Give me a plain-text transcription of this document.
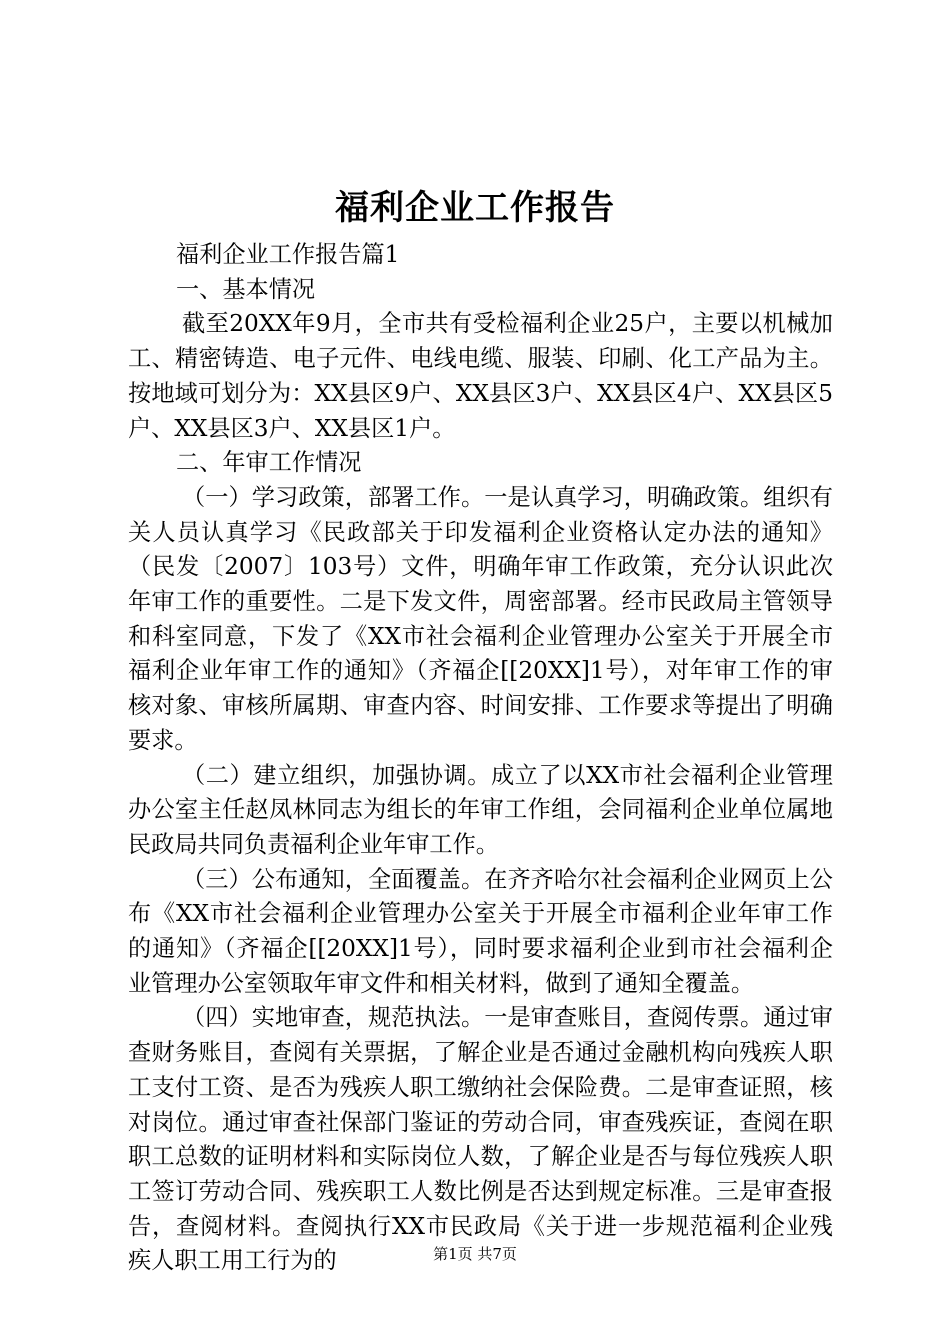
福利企业工作报告

福利企业工作报告篇1

一、基本情况

截至20XX年9月，全市共有受检福利企业25户，主要以机械加工、精密铸造、电子元件、电线电缆、服装、印刷、化工产品为主。按地域可划分为：XX县区9户、XX县区3户、XX县区4户、XX县区5户、XX县区3户、XX县区1户。

二、年审工作情况

（一）学习政策，部署工作。一是认真学习，明确政策。组织有关人员认真学习《民政部关于印发福利企业资格认定办法的通知》（民发〔2007〕103号）文件，明确年审工作政策，充分认识此次年审工作的重要性。二是下发文件，周密部署。经市民政局主管领导和科室同意，下发了《XX市社会福利企业管理办公室关于开展全市福利企业年审工作的通知》（齐福企[[20XX]1号），对年审工作的审核对象、审核所属期、审查内容、时间安排、工作要求等提出了明确要求。

（二）建立组织，加强协调。成立了以XX市社会福利企业管理办公室主任赵凤林同志为组长的年审工作组，会同福利企业单位属地民政局共同负责福利企业年审工作。

（三）公布通知，全面覆盖。在齐齐哈尔社会福利企业网页上公布《XX市社会福利企业管理办公室关于开展全市福利企业年审工作的通知》（齐福企[[20XX]1号），同时要求福利企业到市社会福利企业管理办公室领取年审文件和相关材料，做到了通知全覆盖。

（四）实地审查，规范执法。一是审查账目，查阅传票。通过审查财务账目，查阅有关票据，了解企业是否通过金融机构向残疾人职工支付工资、是否为残疾人职工缴纳社会保险费。二是审查证照，核对岗位。通过审查社保部门鉴证的劳动合同，审查残疾证，查阅在职职工总数的证明材料和实际岗位人数，了解企业是否与每位残疾人职工签订劳动合同、残疾职工人数比例是否达到规定标准。三是审查报告，查阅材料。查阅执行XX市民政局《关于进一步规范福利企业残疾人职工用工行为的	第1页 共7页
